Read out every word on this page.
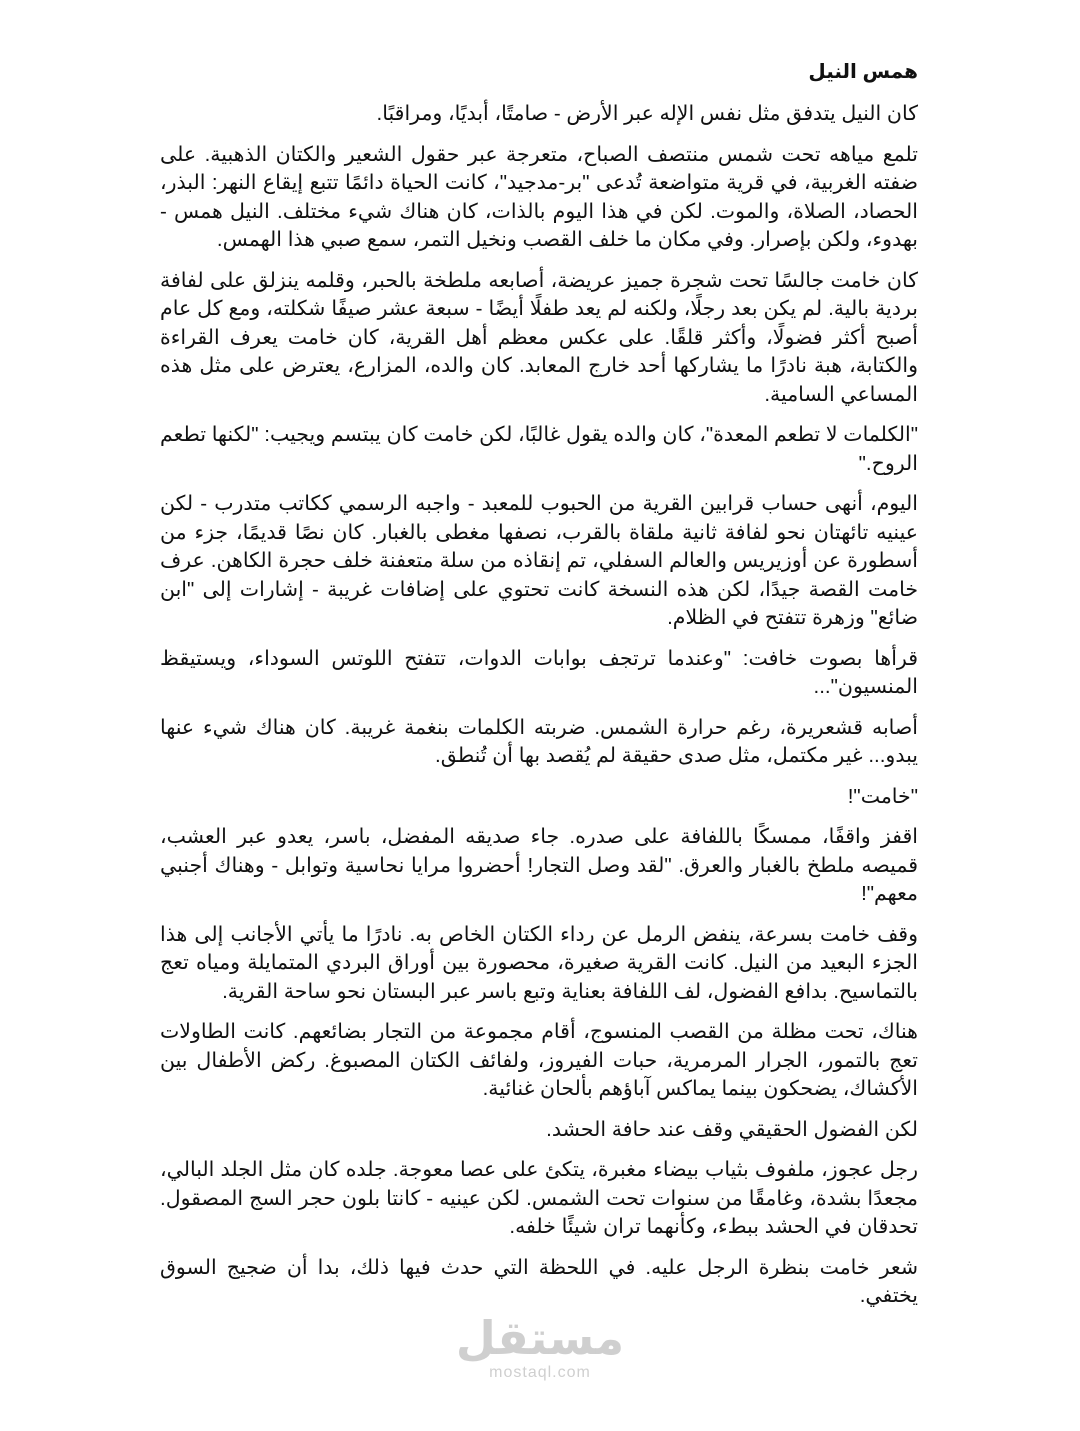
همس النيل

كان النيل يتدفق مثل نفس الإله عبر الأرض - صامتًا، أبديًا، ومراقبًا.

تلمع مياهه تحت شمس منتصف الصباح، متعرجة عبر حقول الشعير والكتان الذهبية. على ضفته الغربية، في قرية متواضعة تُدعى "بر-مدجيد"، كانت الحياة دائمًا تتبع إيقاع النهر: البذر، الحصاد، الصلاة، والموت. لكن في هذا اليوم بالذات، كان هناك شيء مختلف. النيل همس - بهدوء، ولكن بإصرار. وفي مكان ما خلف القصب ونخيل التمر، سمع صبي هذا الهمس.

كان خامت جالسًا تحت شجرة جميز عريضة، أصابعه ملطخة بالحبر، وقلمه ينزلق على لفافة بردية بالية. لم يكن بعد رجلًا، ولكنه لم يعد طفلًا أيضًا - سبعة عشر صيفًا شكلته، ومع كل عام أصبح أكثر فضولًا، وأكثر قلقًا. على عكس معظم أهل القرية، كان خامت يعرف القراءة والكتابة، هبة نادرًا ما يشاركها أحد خارج المعابد. كان والده، المزارع، يعترض على مثل هذه المساعي السامية.

"الكلمات لا تطعم المعدة"، كان والده يقول غالبًا، لكن خامت كان يبتسم ويجيب: "لكنها تطعم الروح."

اليوم، أنهى حساب قرابين القرية من الحبوب للمعبد - واجبه الرسمي ككاتب متدرب - لكن عينيه تائهتان نحو لفافة ثانية ملقاة بالقرب، نصفها مغطى بالغبار. كان نصًا قديمًا، جزء من أسطورة عن أوزيريس والعالم السفلي، تم إنقاذه من سلة متعفنة خلف حجرة الكاهن. عرف خامت القصة جيدًا، لكن هذه النسخة كانت تحتوي على إضافات غريبة - إشارات إلى "ابن ضائع" وزهرة تتفتح في الظلام.

قرأها بصوت خافت: "وعندما ترتجف بوابات الدوات، تتفتح اللوتس السوداء، ويستيقظ المنسيون"...

أصابه قشعريرة، رغم حرارة الشمس. ضربته الكلمات بنغمة غريبة. كان هناك شيء عنها يبدو... غير مكتمل، مثل صدى حقيقة لم يُقصد بها أن تُنطق.

"خامت"!

اقفز واقفًا، ممسكًا باللفافة على صدره. جاء صديقه المفضل، باسر، يعدو عبر العشب، قميصه ملطخ بالغبار والعرق. "لقد وصل التجار! أحضروا مرايا نحاسية وتوابل - وهناك أجنبي معهم"!

وقف خامت بسرعة، ينفض الرمل عن رداء الكتان الخاص به. نادرًا ما يأتي الأجانب إلى هذا الجزء البعيد من النيل. كانت القرية صغيرة، محصورة بين أوراق البردي المتمايلة ومياه تعج بالتماسيح. بدافع الفضول، لف اللفافة بعناية وتبع باسر عبر البستان نحو ساحة القرية.

هناك، تحت مظلة من القصب المنسوج، أقام مجموعة من التجار بضائعهم. كانت الطاولات تعج بالتمور، الجرار المرمرية، حبات الفيروز، ولفائف الكتان المصبوغ. ركض الأطفال بين الأكشاك، يضحكون بينما يماكس آباؤهم بألحان غنائية.

لكن الفضول الحقيقي وقف عند حافة الحشد.

رجل عجوز، ملفوف بثياب بيضاء مغبرة، يتكئ على عصا معوجة. جلده كان مثل الجلد البالي، مجعدًا بشدة، وغامقًا من سنوات تحت الشمس. لكن عينيه - كانتا بلون حجر السج المصقول. تحدقان في الحشد ببطء، وكأنهما تران شيئًا خلفه.

شعر خامت بنظرة الرجل عليه. في اللحظة التي حدث فيها ذلك، بدا أن ضجيج السوق يختفي.

مستقل
mostaql.com
